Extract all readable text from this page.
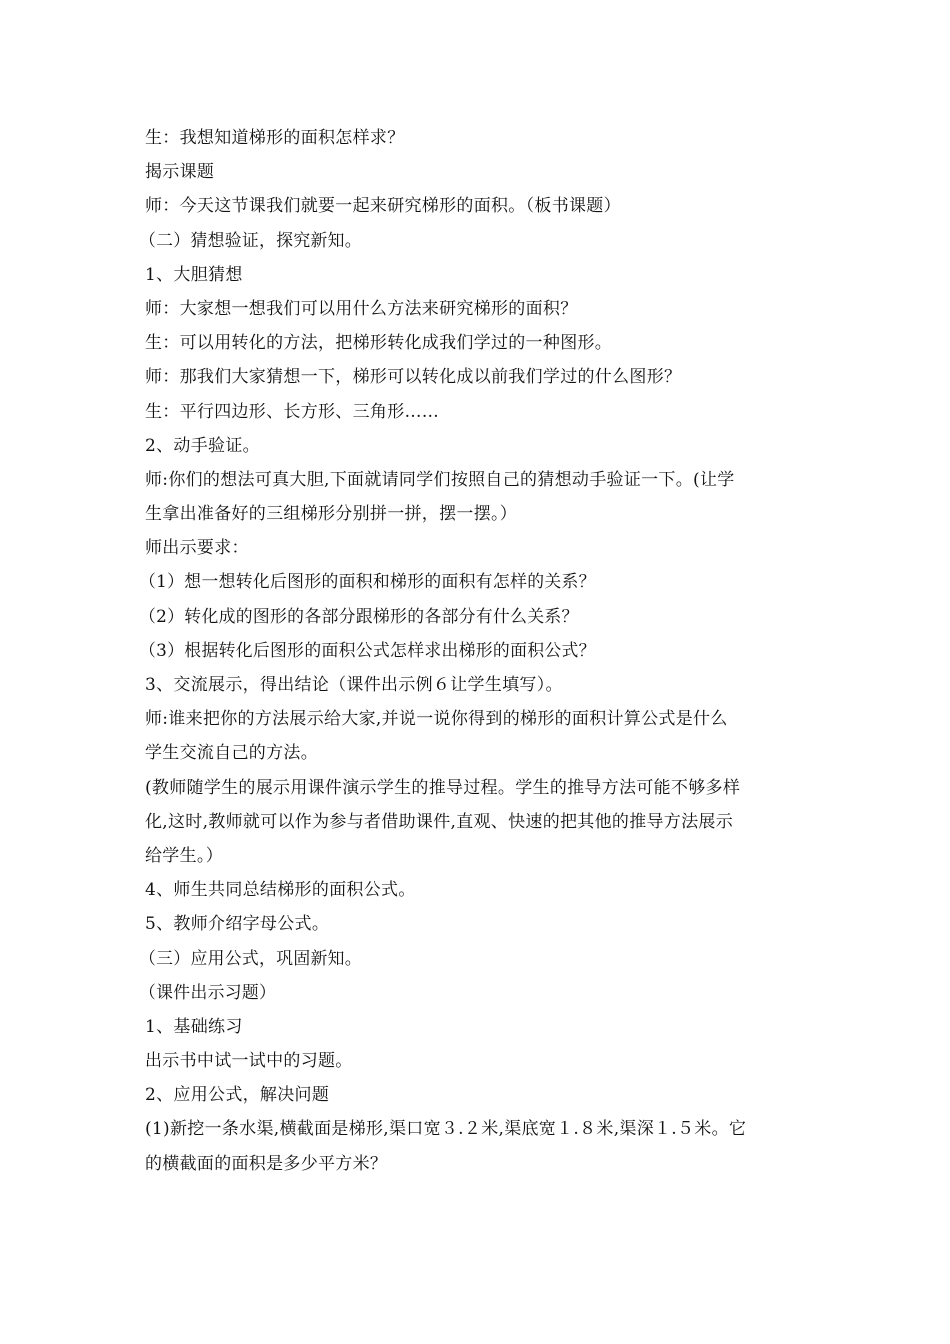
生：我想知道梯形的面积怎样求？
揭示课题
师：今天这节课我们就要一起来研究梯形的面积。（板书课题）
（二）猜想验证，探究新知。
1、大胆猜想
师：大家想一想我们可以用什么方法来研究梯形的面积？
生：可以用转化的方法，把梯形转化成我们学过的一种图形。
师：那我们大家猜想一下，梯形可以转化成以前我们学过的什么图形？
生：平行四边形、长方形、三角形……
2、动手验证。
师:你们的想法可真大胆,下面就请同学们按照自己的猜想动手验证一下。(让学
生拿出准备好的三组梯形分别拼一拼，摆一摆。）
师出示要求：
（1）想一想转化后图形的面积和梯形的面积有怎样的关系？
（2）转化成的图形的各部分跟梯形的各部分有什么关系？
（3）根据转化后图形的面积公式怎样求出梯形的面积公式？
3、交流展示，得出结论（课件出示例６让学生填写）。
师:谁来把你的方法展示给大家,并说一说你得到的梯形的面积计算公式是什么
学生交流自己的方法。
(教师随学生的展示用课件演示学生的推导过程。学生的推导方法可能不够多样
化,这时,教师就可以作为参与者借助课件,直观、快速的把其他的推导方法展示
给学生。）
4、师生共同总结梯形的面积公式。
5、教师介绍字母公式。
（三）应用公式，巩固新知。
（课件出示习题）
1、基础练习
出示书中试一试中的习题。
2、应用公式，解决问题
(1)新挖一条水渠,横截面是梯形,渠口宽３.２米,渠底宽１.８米,渠深１.５米。它
的横截面的面积是多少平方米？
